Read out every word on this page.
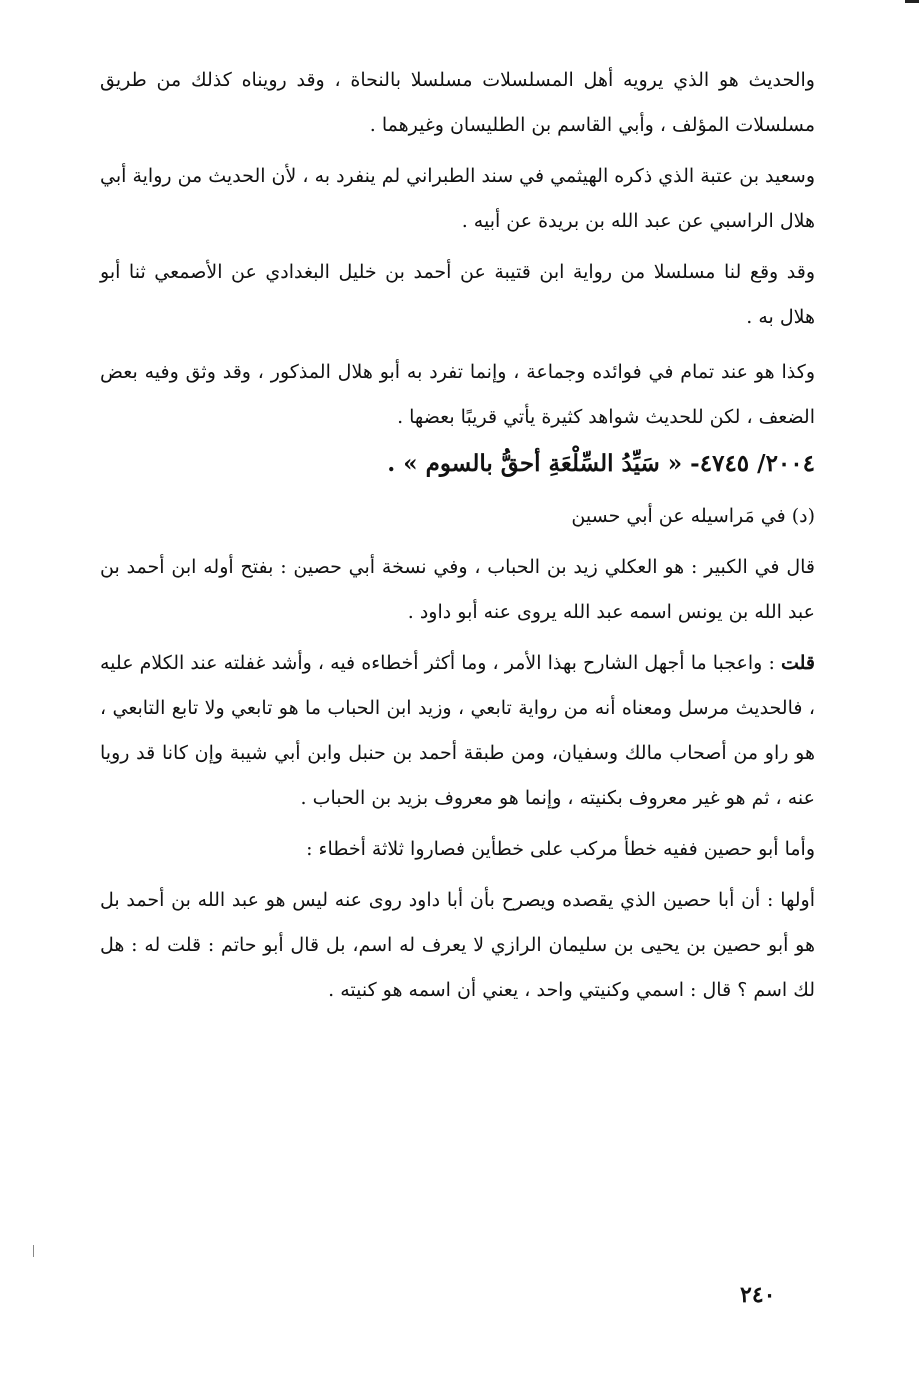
والحديث هو الذي يرويه أهل المسلسلات مسلسلا بالنحاة ، وقد رويناه كذلك من طريق مسلسلات المؤلف ، وأبي القاسم بن الطليسان وغيرهما .

وسعيد بن عتبة الذي ذكره الهيثمي في سند الطبراني لم ينفرد به ، لأن الحديث من رواية أبي هلال الراسبي عن عبد الله بن بريدة عن أبيه .

وقد وقع لنا مسلسلا من رواية ابن قتيبة عن أحمد بن خليل البغدادي عن الأصمعي ثنا أبو هلال به .

وكذا هو عند تمام في فوائده وجماعة ، وإنما تفرد به أبو هلال المذكور ، وقد وثق وفيه بعض الضعف ، لكن للحديث شواهد كثيرة يأتي قريبًا بعضها .

٢٠٠٤/ ٤٧٤٥- « سَيِّدُ السِّلْعَةِ أحقُّ بالسوم » .

(د) في مَراسيله عن أبي حسين

قال في الكبير : هو العكلي زيد بن الحباب ، وفي نسخة أبي حصين : بفتح أوله ابن أحمد بن عبد الله بن يونس اسمه عبد الله يروى عنه أبو داود .

قلت : واعجبا ما أجهل الشارح بهذا الأمر ، وما أكثر أخطاءه فيه ، وأشد غفلته عند الكلام عليه ، فالحديث مرسل ومعناه أنه من رواية تابعي ، وزيد ابن الحباب ما هو تابعي ولا تابع التابعي ، هو راو من أصحاب مالك وسفيان، ومن طبقة أحمد بن حنبل وابن أبي شيبة وإن كانا قد رويا عنه ، ثم هو غير معروف بكنيته ، وإنما هو معروف بزيد بن الحباب .

وأما أبو حصين ففيه خطأ مركب على خطأين فصاروا ثلاثة أخطاء :

أولها : أن أبا حصين الذي يقصده ويصرح بأن أبا داود روى عنه ليس هو عبد الله بن أحمد بل هو أبو حصين بن يحيى بن سليمان الرازي لا يعرف له اسم، بل قال أبو حاتم : قلت له : هل لك اسم ؟ قال : اسمي وكنيتي واحد ، يعني أن اسمه هو كنيته .

٢٤٠
